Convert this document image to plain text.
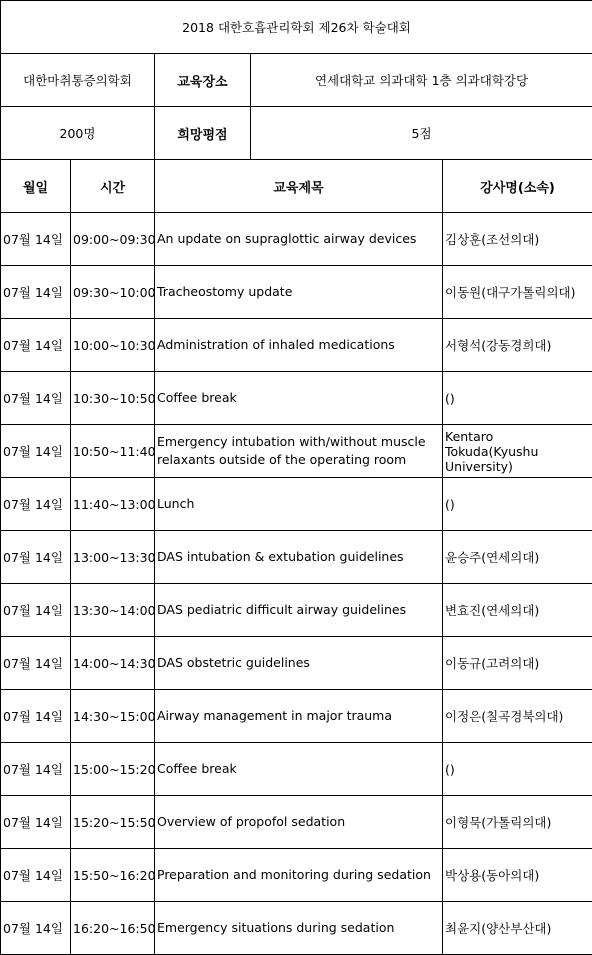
2018 대한호흡관리학회 제26차 학술대회				
대한마취통증의학회		교육장소	연세대학교 의과대학 1층 의과대학강당	
200명		희망평점	5점	
월일	시간	교육제목		강사명(소속)
07월 14일	09:00~09:30	An update on supraglottic airway devices		김상훈(조선의대)
07월 14일	09:30~10:00	Tracheostomy update		이동원(대구가톨릭의대)
07월 14일	10:00~10:30	Administration of inhaled medications		서형석(강동경희대)
07월 14일	10:30~10:50	Coffee break		()
07월 14일	10:50~11:40	Emergency intubation with/without muscle relaxants outside of the operating room		Kentaro Tokuda(Kyushu University)
07월 14일	11:40~13:00	Lunch		()
07월 14일	13:00~13:30	DAS intubation & extubation guidelines		윤승주(연세의대)
07월 14일	13:30~14:00	DAS pediatric difficult airway guidelines		변효진(연세의대)
07월 14일	14:00~14:30	DAS obstetric guidelines		이동규(고려의대)
07월 14일	14:30~15:00	Airway management in major trauma		이정은(칠곡경북의대)
07월 14일	15:00~15:20	Coffee break		()
07월 14일	15:20~15:50	Overview of propofol sedation		이형묵(가톨릭의대)
07월 14일	15:50~16:20	Preparation and monitoring during sedation		박상용(동아의대)
07월 14일	16:20~16:50	Emergency situations during sedation		최윤지(양산부산대)
